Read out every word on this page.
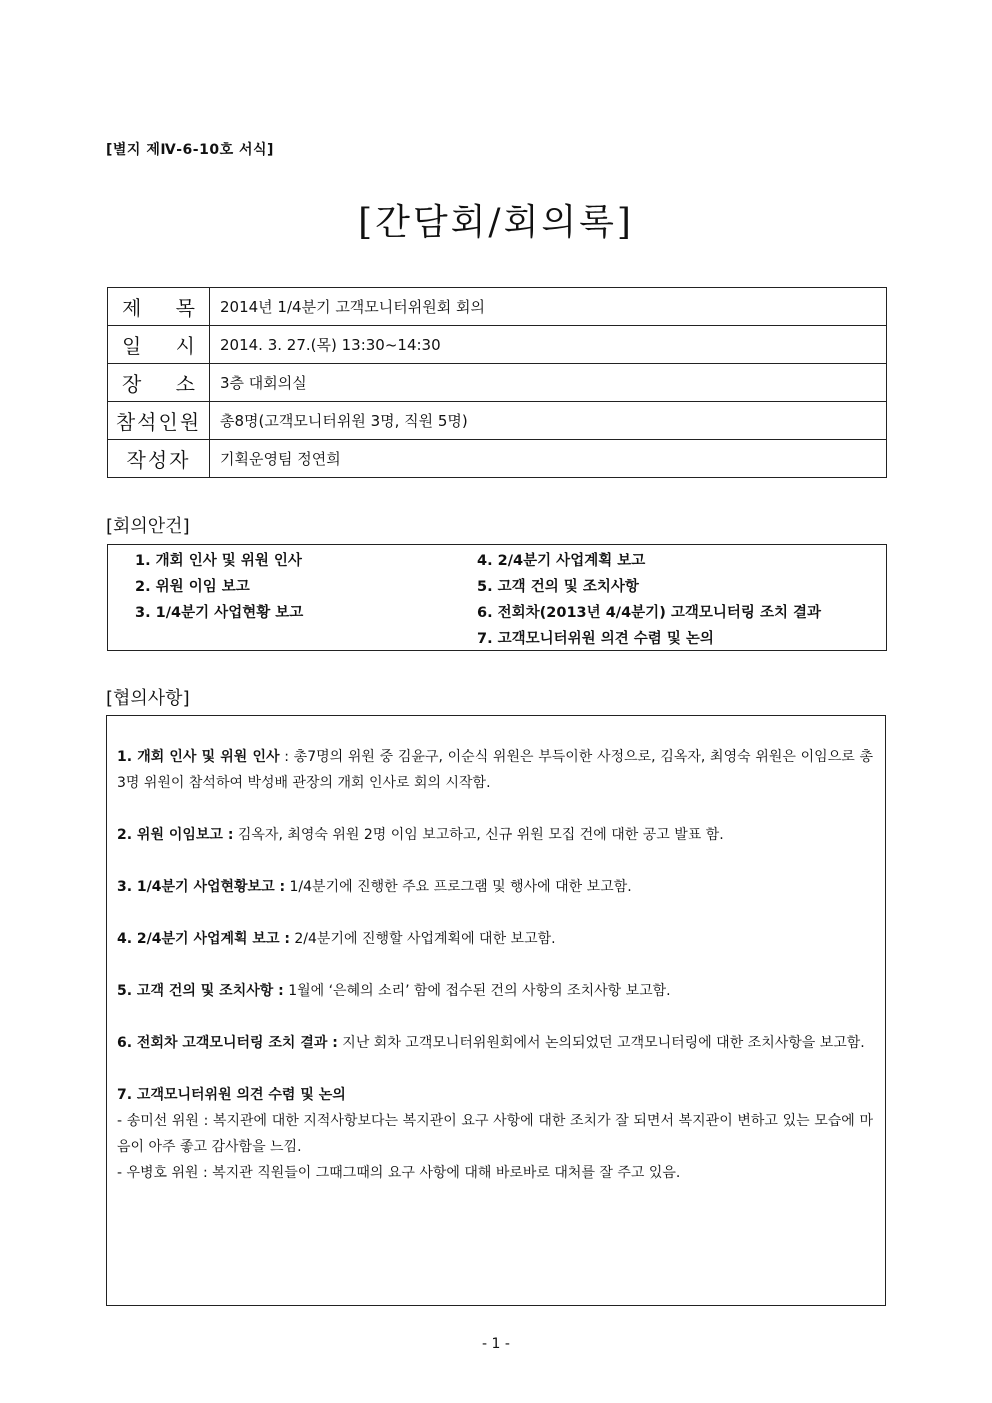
[별지 제Ⅳ-6-10호 서식]
[간담회/회의록]
제 목	2014년 1/4분기 고객모니터위원회 회의
일 시	2014. 3. 27.(목) 13:30~14:30
장 소	3층 대회의실
참석인원	총8명(고객모니터위원 3명, 직원 5명)
작성자	기획운영팀 정연희
[회의안건]
1. 개회 인사 및 위원 인사
2. 위원 이임 보고
3. 1/4분기 사업현황 보고
4. 2/4분기 사업계획 보고
5. 고객 건의 및 조치사항
6. 전회차(2013년 4/4분기) 고객모니터링 조치 결과
7. 고객모니터위원 의견 수렴 및 논의
[협의사항]

1. 개회 인사 및 위원 인사 : 총7명의 위원 중 김윤구, 이순식 위원은 부득이한 사정으로, 김옥자, 최영숙 위원은 이임으로 총 3명 위원이 참석하여 박성배 관장의 개회 인사로 회의 시작함.

2. 위원 이임보고 : 김옥자, 최영숙 위원 2명 이임 보고하고, 신규 위원 모집 건에 대한 공고 발표 함.

3. 1/4분기 사업현황보고 : 1/4분기에 진행한 주요 프로그램 및 행사에 대한 보고함.

4. 2/4분기 사업계획 보고 : 2/4분기에 진행할 사업계획에 대한 보고함.

5. 고객 건의 및 조치사항 : 1월에 ‘은혜의 소리’ 함에 접수된 건의 사항의 조치사항 보고함.

6. 전회차 고객모니터링 조치 결과 : 지난 회차 고객모니터위원회에서 논의되었던 고객모니터링에 대한 조치사항을 보고함.

7. 고객모니터위원 의견 수렴 및 논의
- 송미선 위원 : 복지관에 대한 지적사항보다는 복지관이 요구 사항에 대한 조치가 잘 되면서 복지관이 변하고 있는 모습에 마음이 아주 좋고 감사함을 느낌.
- 우병호 위원 : 복지관 직원들이 그때그때의 요구 사항에 대해 바로바로 대처를 잘 주고 있음.

- 1 -
